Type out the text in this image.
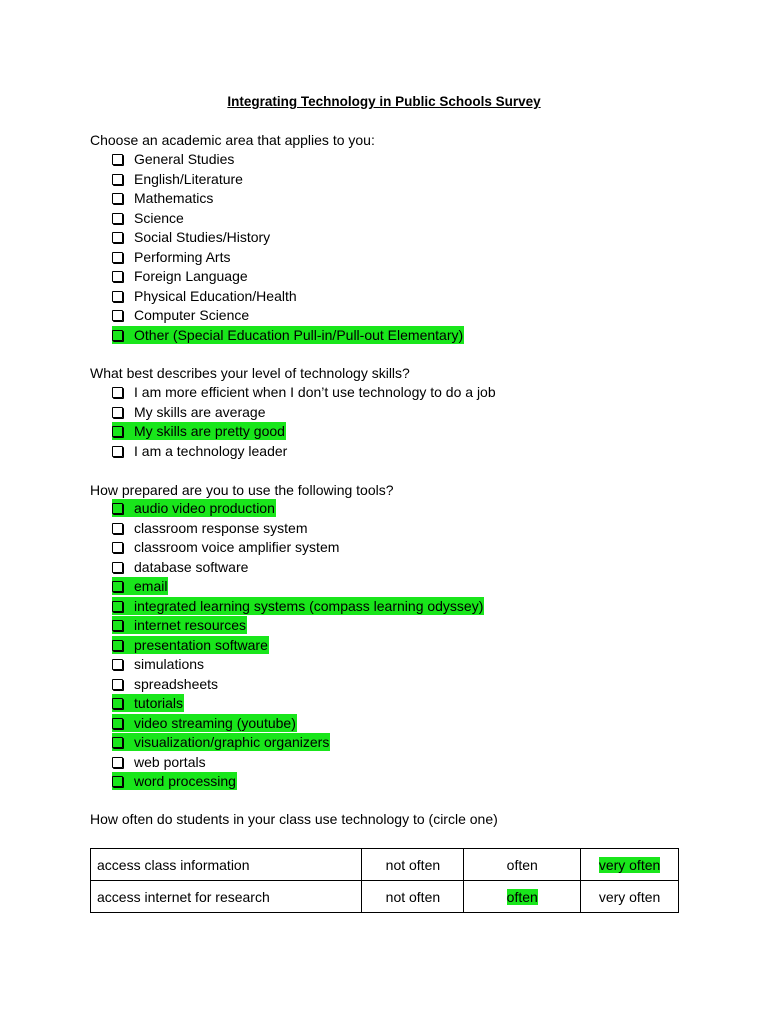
Integrating Technology in Public Schools Survey
Choose an academic area that applies to you:
General Studies
English/Literature
Mathematics
Science
Social Studies/History
Performing Arts
Foreign Language
Physical Education/Health
Computer Science
Other (Special Education Pull-in/Pull-out Elementary)
What best describes your level of technology skills?
I am more efficient when I don’t use technology to do a job
My skills are average
My skills are pretty good
I am a technology leader
How prepared are you to use the following tools?
audio video production
classroom response system
classroom voice amplifier system
database software
email
integrated learning systems (compass learning odyssey)
internet resources
presentation software
simulations
spreadsheets
tutorials
video streaming (youtube)
visualization/graphic organizers
web portals
word processing
How often do students in your class use technology to (circle one)
access class information	not often	often	very often
access internet for research	not often	often	very often
